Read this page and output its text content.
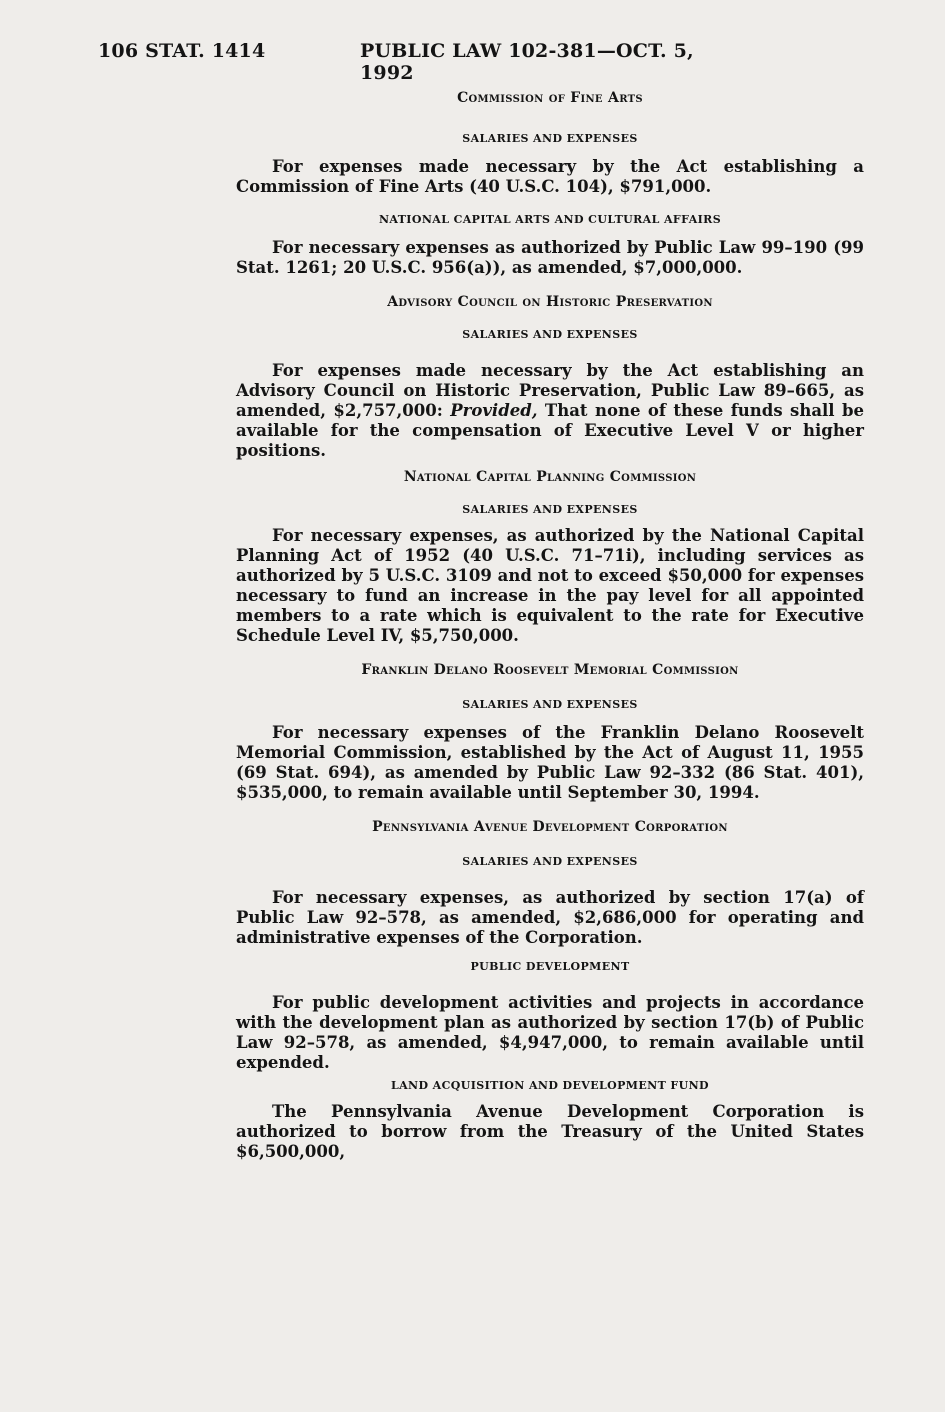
106 STAT. 1414	PUBLIC LAW 102-381—OCT. 5, 1992
Commission of Fine Arts
SALARIES AND EXPENSES

For expenses made necessary by the Act establishing a Commission of Fine Arts (40 U.S.C. 104), $791,000.

NATIONAL CAPITAL ARTS AND CULTURAL AFFAIRS

For necessary expenses as authorized by Public Law 99–190 (99 Stat. 1261; 20 U.S.C. 956(a)), as amended, $7,000,000.

Advisory Council on Historic Preservation
SALARIES AND EXPENSES

For expenses made necessary by the Act establishing an Advisory Council on Historic Preservation, Public Law 89–665, as amended, $2,757,000: Provided, That none of these funds shall be available for the compensation of Executive Level V or higher positions.

National Capital Planning Commission
SALARIES AND EXPENSES

For necessary expenses, as authorized by the National Capital Planning Act of 1952 (40 U.S.C. 71–71i), including services as authorized by 5 U.S.C. 3109 and not to exceed $50,000 for expenses necessary to fund an increase in the pay level for all appointed members to a rate which is equivalent to the rate for Executive Schedule Level IV, $5,750,000.

Franklin Delano Roosevelt Memorial Commission
SALARIES AND EXPENSES

For necessary expenses of the Franklin Delano Roosevelt Memorial Commission, established by the Act of August 11, 1955 (69 Stat. 694), as amended by Public Law 92–332 (86 Stat. 401), $535,000, to remain available until September 30, 1994.

Pennsylvania Avenue Development Corporation
SALARIES AND EXPENSES

For necessary expenses, as authorized by section 17(a) of Public Law 92–578, as amended, $2,686,000 for operating and administrative expenses of the Corporation.

PUBLIC DEVELOPMENT

For public development activities and projects in accordance with the development plan as authorized by section 17(b) of Public Law 92–578, as amended, $4,947,000, to remain available until expended.

LAND ACQUISITION AND DEVELOPMENT FUND

The Pennsylvania Avenue Development Corporation is authorized to borrow from the Treasury of the United States $6,500,000,
